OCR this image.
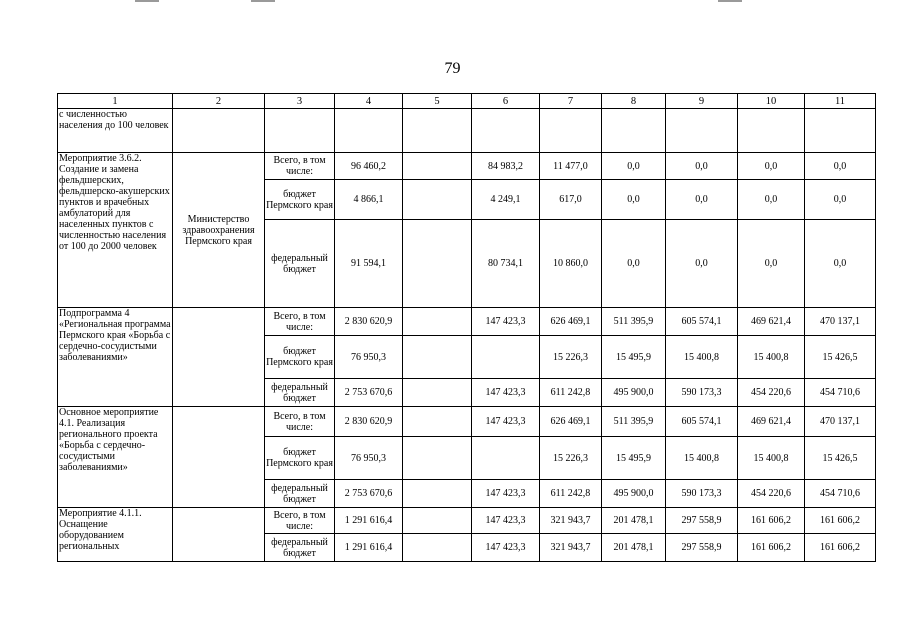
79
1	2	3	4	5	6	7	8	9	10	11
с численностью населения до 100 человек										
Мероприятие 3.6.2. Создание и замена фельдшерских, фельдшерско-акушерских пунктов и врачебных амбулаторий для населенных пунктов с численностью населения от 100 до 2000 человек	Министерство здравоохранения Пермского края	Всего, в том числе:	96 460,2		84 983,2	11 477,0	0,0	0,0	0,0	0,0
		бюджет Пермского края	4 866,1		4 249,1	617,0	0,0	0,0	0,0	0,0
		федеральный бюджет	91 594,1		80 734,1	10 860,0	0,0	0,0	0,0	0,0
Подпрограмма 4 «Региональная программа Пермского края «Борьба с сердечно-сосудистыми заболеваниями»		Всего, в том числе:	2 830 620,9		147 423,3	626 469,1	511 395,9	605 574,1	469 621,4	470 137,1
		бюджет Пермского края	76 950,3			15 226,3	15 495,9	15 400,8	15 400,8	15 426,5
		федеральный бюджет	2 753 670,6		147 423,3	611 242,8	495 900,0	590 173,3	454 220,6	454 710,6
Основное мероприятие 4.1. Реализация регионального проекта «Борьба с сердечно-сосудистыми заболеваниями»		Всего, в том числе:	2 830 620,9		147 423,3	626 469,1	511 395,9	605 574,1	469 621,4	470 137,1
		бюджет Пермского края	76 950,3			15 226,3	15 495,9	15 400,8	15 400,8	15 426,5
		федеральный бюджет	2 753 670,6		147 423,3	611 242,8	495 900,0	590 173,3	454 220,6	454 710,6
Мероприятие 4.1.1. Оснащение оборудованием региональных		Всего, в том числе:	1 291 616,4		147 423,3	321 943,7	201 478,1	297 558,9	161 606,2	161 606,2
		федеральный бюджет	1 291 616,4		147 423,3	321 943,7	201 478,1	297 558,9	161 606,2	161 606,2
